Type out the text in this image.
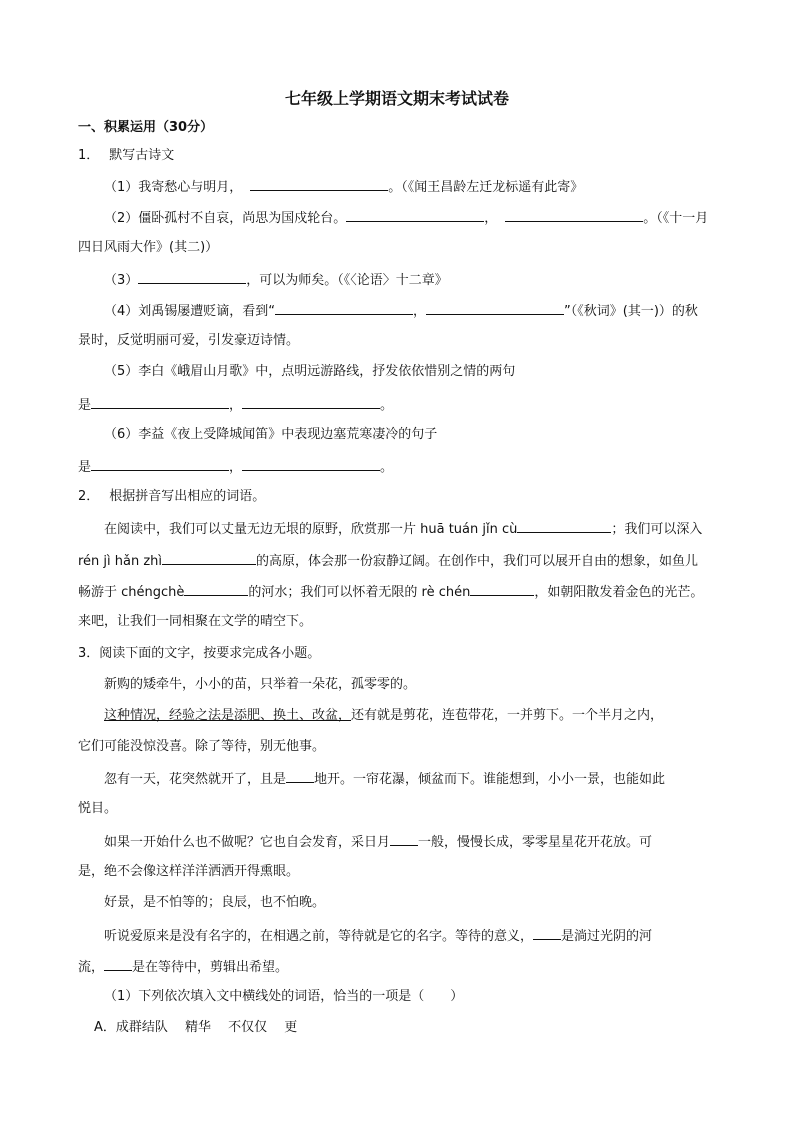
七年级上学期语文期末考试试卷
一、积累运用（30分）
1． 默写古诗文
（1）我寄愁心与明月，	。（《闻王昌龄左迁龙标遥有此寄》
（2）僵卧孤村不自哀，尚思为国戍轮台。	，	。（《十一月
四日风雨大作》(其二)）
（3）	，可以为师矣。（《〈论语〉十二章》
（4）刘禹锡屡遭贬谪，看到“	，	”（《秋词》(其一)）的秋
景时，反觉明丽可爱，引发豪迈诗情。
（5）李白《峨眉山月歌》中，点明远游路线，抒发依依惜别之情的两句
是	，	。
（6）李益《夜上受降城闻笛》中表现边塞荒寒凄冷的句子
是	，	。
2． 根据拼音写出相应的词语。
在阅读中，我们可以丈量无边无垠的原野，欣赏那一片 huā tuán jǐn cù	；我们可以深入
rén jì hǎn zhì	的高原，体会那一份寂静辽阔。在创作中，我们可以展开自由的想象，如鱼儿
畅游于 chéngchè	的河水；我们可以怀着无限的 rè chén	，如朝阳散发着金色的光芒。
来吧，让我们一同相聚在文学的晴空下。
3．阅读下面的文字，按要求完成各小题。
新购的矮牵牛，小小的苗，只举着一朵花，孤零零的。
这种情况，经验之法是添肥、换土、改盆，还有就是剪花，连苞带花，一并剪下。一个半月之内，
它们可能没惊没喜。除了等待，别无他事。
忽有一天，花突然就开了，且是 地开。一帘花瀑，倾盆而下。谁能想到，小小一景，也能如此
悦目。
如果一开始什么也不做呢？它也自会发育，采日月 一般，慢慢长成，零零星星花开花放。可
是，绝不会像这样洋洋洒洒开得熏眼。
好景，是不怕等的；良辰，也不怕晚。
听说爱原来是没有名字的，在相遇之前，等待就是它的名字。等待的意义， 是淌过光阴的河
流， 是在等待中，剪辑出希望。
（1）下列依次填入文中横线处的词语，恰当的一项是（　　）
A．成群结队　 精华　 不仅仅　 更
